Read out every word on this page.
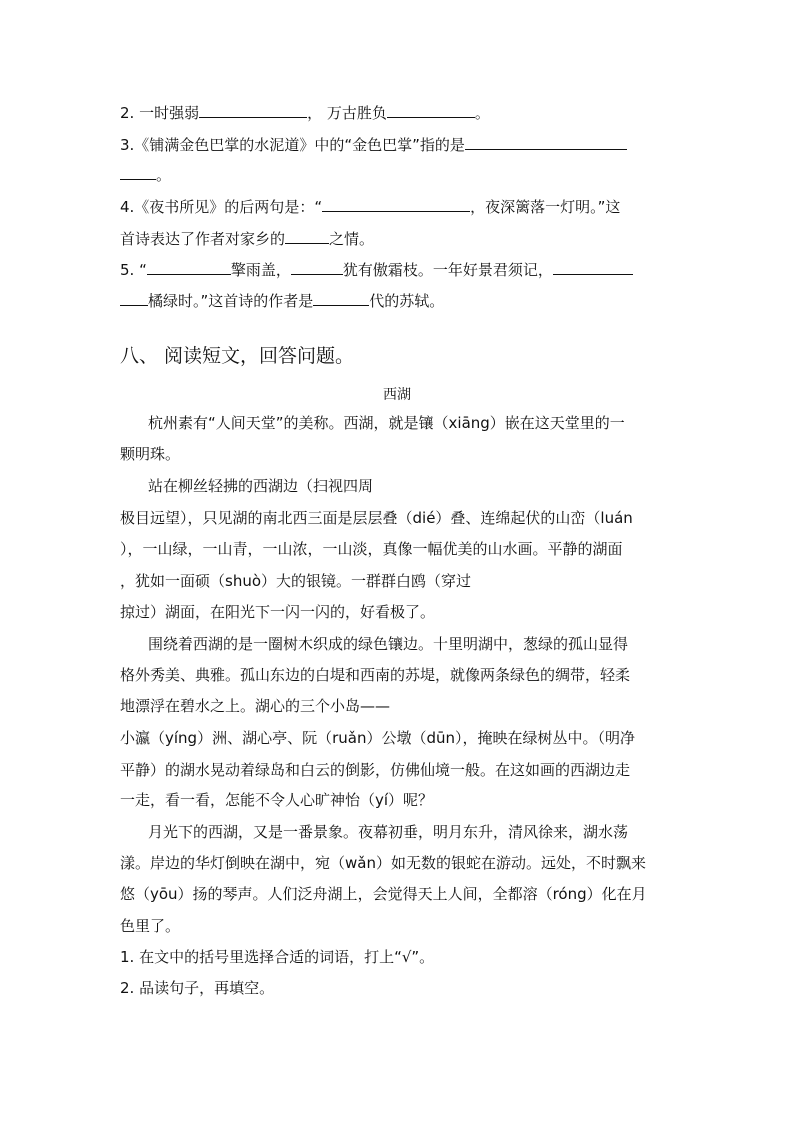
2. 一时强弱	， 万古胜负	。
3.《铺满金色巴掌的水泥道》中的“金色巴掌”指的是
。
4.《夜书所见》的后两句是：“	，夜深篱落一灯明。”这
首诗表达了作者对家乡的	之情。
5. “	擎雨盖，	犹有傲霜枝。一年好景君须记，
橘绿时。”这首诗的作者是	代的苏轼。
八、 阅读短文，回答问题。
西湖
杭州素有“人间天堂”的美称。西湖，就是镶（xiāng）嵌在这天堂里的一
颗明珠。
站在柳丝轻拂的西湖边（扫视四周
极目远望），只见湖的南北西三面是层层叠（dié）叠、连绵起伏的山峦（luán
），一山绿，一山青，一山浓，一山淡，真像一幅优美的山水画。平静的湖面
，犹如一面硕（shuò）大的银镜。一群群白鸥（穿过
掠过）湖面，在阳光下一闪一闪的，好看极了。
围绕着西湖的是一圈树木织成的绿色镶边。十里明湖中，葱绿的孤山显得
格外秀美、典雅。孤山东边的白堤和西南的苏堤，就像两条绿色的绸带，轻柔
地漂浮在碧水之上。湖心的三个小岛——
小瀛（yíng）洲、湖心亭、阮（ruǎn）公墩（dūn），掩映在绿树丛中。（明净
平静）的湖水晃动着绿岛和白云的倒影，仿佛仙境一般。在这如画的西湖边走
一走，看一看，怎能不令人心旷神怡（yí）呢？
月光下的西湖，又是一番景象。夜幕初垂，明月东升，清风徐来，湖水荡
漾。岸边的华灯倒映在湖中，宛（wǎn）如无数的银蛇在游动。远处，不时飘来
悠（yōu）扬的琴声。人们泛舟湖上，会觉得天上人间，全都溶（róng）化在月
色里了。
1. 在文中的括号里选择合适的词语，打上“√”。
2. 品读句子，再填空。
